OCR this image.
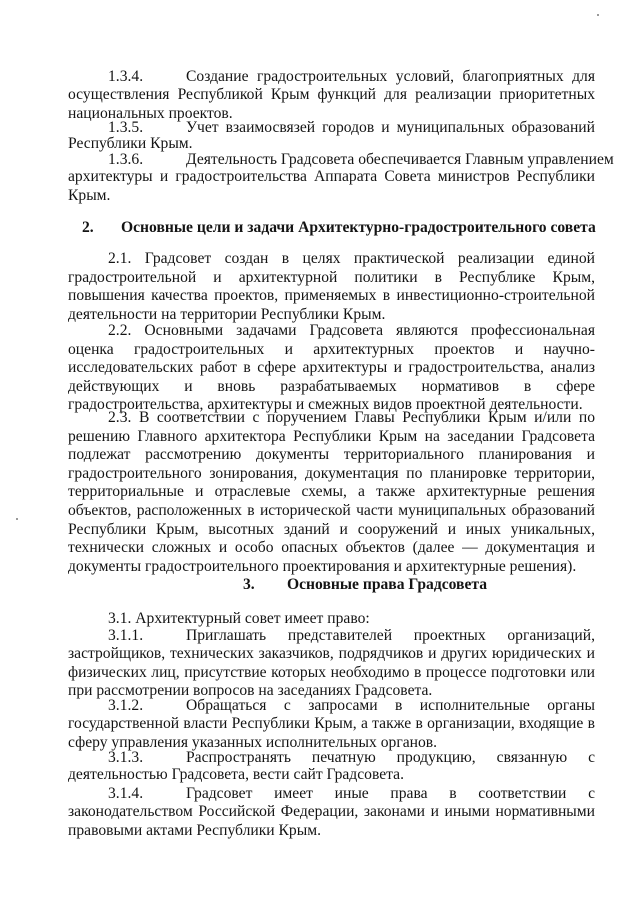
1.3.4.	Создание градостроительных условий, благоприятных для

осуществления Республикой Крым функций для реализации приоритетных национальных проектов.

1.3.5.	Учет взаимосвязей городов и муниципальных образований

Республики Крым.

1.3.6.	Деятельность Градсовета обеспечивается Главным управлением

архитектуры и градостроительства Аппарата Совета министров Республики Крым.

2. Основные цели и задачи Архитектурно-градостроительного совета

2.1. Градсовет создан в целях практической реализации единой градостроительной и архитектурной политики в Республике Крым, повышения качества проектов, применяемых в инвестиционно-строительной деятельности на территории Республики Крым.

2.2. Основными задачами Градсовета являются профессиональная оценка градостроительных и архитектурных проектов и научно-исследовательских работ в сфере архитектуры и градостроительства, анализ действующих и вновь разрабатываемых нормативов в сфере градостроительства, архитектуры и смежных видов проектной деятельности.

2.3. В соответствии с поручением Главы Республики Крым и/или по решению Главного архитектора Республики Крым на заседании Градсовета подлежат рассмотрению документы территориального планирования и градостроительного зонирования, документация по планировке территории, территориальные и отраслевые схемы, а также архитектурные решения объектов, расположенных в исторической части муниципальных образований Республики Крым, высотных зданий и сооружений и иных уникальных, технически сложных и особо опасных объектов (далее — документация и документы градостроительного проектирования и архитектурные решения).

3. Основные права Градсовета

3.1. Архитектурный совет имеет право:

3.1.1.	Приглашать представителей проектных организаций,

застройщиков, технических заказчиков, подрядчиков и других юридических и физических лиц, присутствие которых необходимо в процессе подготовки или при рассмотрении вопросов на заседаниях Градсовета.

3.1.2.	Обращаться с запросами в исполнительные органы

государственной власти Республики Крым, а также в организации, входящие в сферу управления указанных исполнительных органов.

3.1.3.	Распространять печатную продукцию, связанную с

деятельностью Градсовета, вести сайт Градсовета.

3.1.4.	Градсовет имеет иные права в соответствии с

законодательством Российской Федерации, законами и иными нормативными правовыми актами Республики Крым.
